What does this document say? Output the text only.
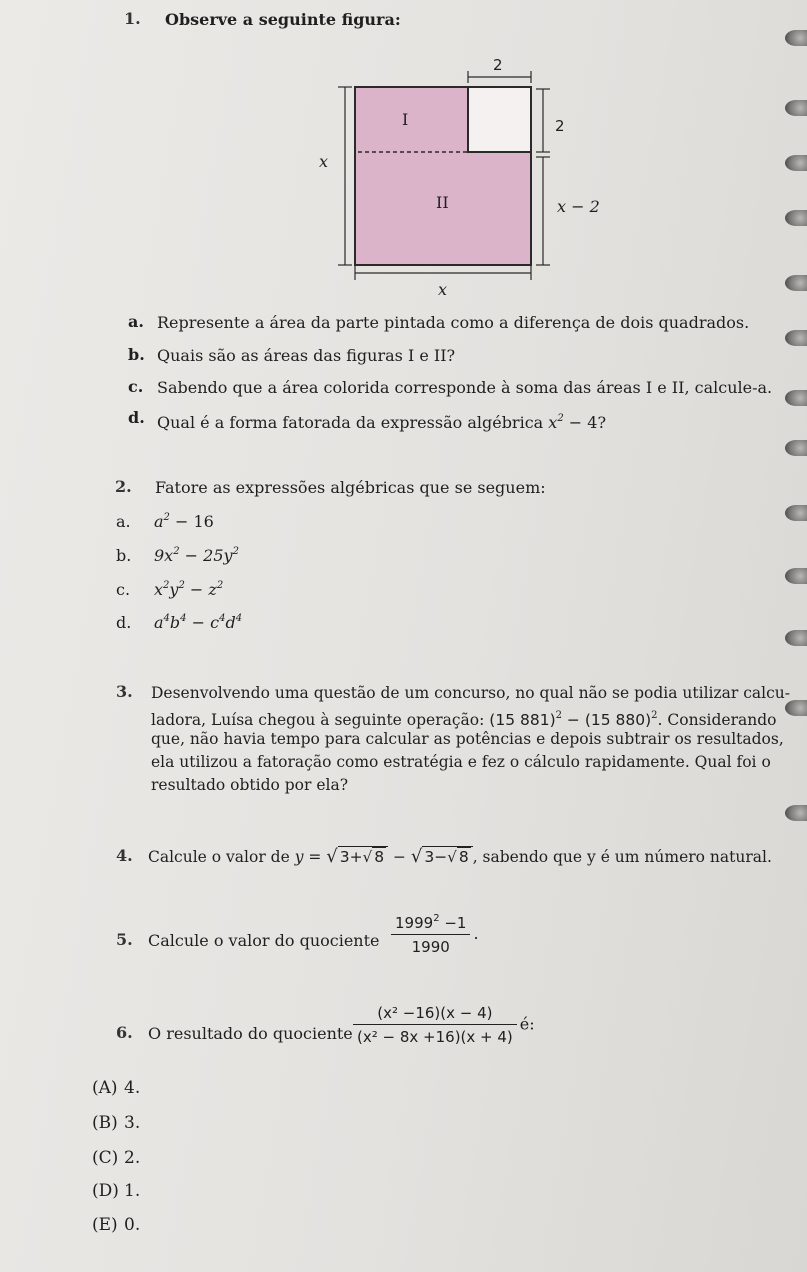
1. Observe a seguinte figura:
2
I	2
x
II	x − 2
x
a. Represente a área da parte pintada como a diferença de dois quadrados.
b. Quais são as áreas das figuras I e II?
c. Sabendo que a área colorida corresponde à soma das áreas I e II, calcule-a.
d. Qual é a forma fatorada da expressão algébrica $x^2 - 4$?
2. Fatore as expressões algébricas que se seguem:
a. $a^2 - 16$
b. $9x^2 - 25y^2$
c. $x^2y^2 - z^2$
d. $a^4b^4 - c^4d^4$
3. Desenvolvendo uma questão de um concurso, no qual não se podia utilizar calcu-
ladora, Luísa chegou à seguinte operação: (15 881)$^2$ − (15 880)$^2$. Considerando
que, não havia tempo para calcular as potências e depois subtrair os resultados,
ela utilizou a fatoração como estratégia e fez o cálculo rapidamente. Qual foi o
resultado obtido por ela?
4. Calcule o valor de y = √ 3+√ 8 − √ 3−√ 8 , sabendo que y é um número natural.
5. Calcule o valor do quociente $\frac{1999^2 -1}{1990}$ .
6. O resultado do quociente $\frac{\text{(x² −16)(x − 4)}}{\text{(x² − 8x +16)(x + 4)}}$ é:
(A) 4.
(B) 3.
(C) 2.
(D) 1.
(E) 0.
